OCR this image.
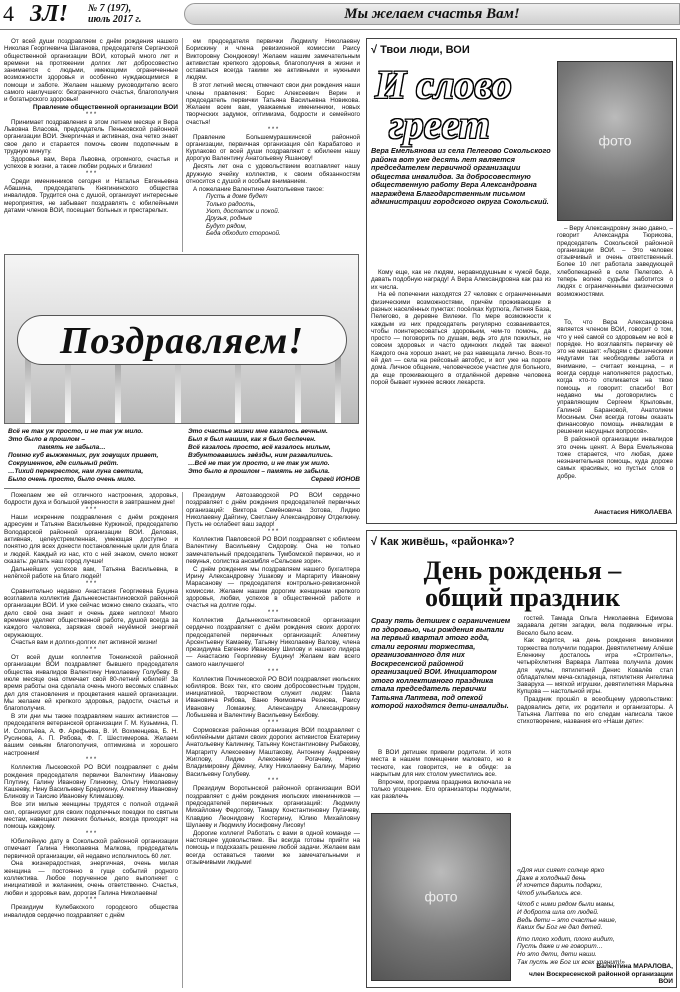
4 ЗЛ! № 7 (197),
июль 2017 г.	Мы желаем счастья Вам!

От всей души поздравляем с днём рождения нашего Николая Георгиевича Шаганова, председателя Сергачской общественной организации ВОИ, который много лет и времени на протяжении долгих лет добросовестно занимается с людьми, имеющими ограниченные возможности здоровья и особенно нуждающимися в помощи и заботе. Желаем нашему руководителю всего самого наилучшего: безграничного счастья, благополучия и богатырского здоровья!

Правление общественной организации ВОИ
* * *

Принимает поздравления в этом летнем месяце и Вера Львовна Власова, председатель Пеньковской районной организации ВОИ. Энергичная и активная, она четко знает свое дело и старается помочь своим подопечным в трудную минуту.

Здоровья вам, Вера Львовна, огромного, счастья и успехов в жизни, а также любви родных и близких!

* * *

Среди именинников сегодня и Наталья Евгеньевна Абашина, председатель Княгининского общества инвалидов. Трудится она с душой, организует интересные мероприятия, не забывает поздравлять с юбилейными датами членов ВОИ, посещает больных и престарелых.

ем председателя первички Людмилу Николаевну Борискину и члена ревизионной комиссии Раису Викторовну Сюндюкову! Желаем нашим замечательным активистам крепкого здоровья, благополучия в жизни и оставаться всегда такими же активными и нужными людям.

В этот летний месяц отмечают свои дни рождения наши члены правления: Борис Алексеевич Верин и председатель первички Татьяна Васильевна Новикова. Желаем всем вам, уважаемые именинники, новых творческих задумок, оптимизма, бодрости и семейного счастья!

* * *

Правление Большемурашкинской районной организации, первичная организация сёл Карабатово и Курлаково от всей души поздравляют с юбилеем нашу дорогую Валентину Анатольевну Яшанову!

Десять лет она с удовольствием возглавляет нашу дружную ячейку коллектив, к своим обязанностям относится с душой и особым вниманием.

А пожелание Валентине Анатольевне такое:

Пусть в доме будет
Только радость,
Уют, достаток и покой.
Друзья, родные
Будут рядом,
Беда обходит стороной.
Поздравляем!
Всё не так уж просто, и не так уж мило.
Это было в прошлом –
память не забыла…
Помню куб выжженных, рук зовущих привет,
Сокрушенное, где сильный рейт.
…Тихий перекресток, нам луна светила,
Было очень просто, было очень мило.
Это счастье жизни мне казалось вечным.
Был я был нашим, как я был беспечен.
Всё казалось просто, всё казалось милым,
Взбунтовавшись звёзды, ним развалились.
…Всё не так уж просто, и не так уж мило.
Это было в прошлом – память не забыла.
Сергей ИОНОВ

Пожелаем же ей отличного настроения, здоровья, бодрости духа и большой уверенности в завтрашнем дне!

* * *

Наши искренние поздравления с днём рождения адресуем и Татьяне Васильевне Куркиной, председателю Володарской районной организации ВОИ. Деловая, активная, целеустремленная, умеющая доступно и понятно для всех донести постановленные цели для блага и людей. Каждый из нас, кто с ней знаком, смело может сказать: делать наш город лучше!

Дальнейших успехов вам, Татьяна Васильевна, в нелёгкой работе на благо людей!

* * *

Сравнительно недавно Анастасия Георгиевна Буцина возглавила коллектив Дальнеконстантиновской районной организации ВОИ. И уже сейчас можно смело сказать, что дело своё она знает и очень даже неплохо! Много времени уделяет общественной работе, душой всегда за каждого человека, заряжая своей неуёмной энергией окружающих.

Счастья вам и долгих-долгих лет активной жизни!

* * *

От всей души коллектив Тонкинской районной организации ВОИ поздравляет бывшего председателя общества инвалидов Валентину Николаевну Голубеву. В июле месяце она отмечает свой 80-летний юбилей! За время работы она сделала очень много весомых славных дел для становления и процветания нашей организации. Мы желаем ей крепкого здоровья, радости, счастья и благополучия.

В эти дни мы также поздравляем наших активистов — председателя ветеранской организации Г. М. Кузьмина, П. И. Сопотьёва, А. Ф. Арефьева, В. И. Вохменцева, Б. Н. Русинова, А. П. Рябова, Ф. Г. Шестимерова. Желаем вашим семьям благополучия, оптимизма и хорошего настроения!

* * *

Коллектив Лысковской РО ВОИ поздравляет с днём рождения председателя первички Валентину Ивановну Плутину, Галину Ивановну Глинкину, Ольгу Николаевну Кашееву, Нину Васильевну Бредихину, Алевтину Ивановну Блинову и Таисию Ивановну Климашову.

Все эти милые женщины трудятся с полной отдачей сил, организуют для своих подопечных поездки по святым местам, навещают лежачих больных, всегда приходят на помощь каждому.

* * *

Юбилейную дату в Сокольской районной организации отмечает Галина Николаевна Малкова, председатель первичной организации, ей недавно исполнилось 60 лет.

Она жизнерадостная, энергичная, очень милая женщина — постоянно в гуще событий родного коллектива. Любое порученное дело выполняет с инициативой и желанием, очень ответственно. Счастья, любви и здоровья вам, дорогая Галина Николаевна!

* * *

Президиум Кулебакского городского общества инвалидов сердечно поздравляет с днём

Президиум Автозаводской РО ВОИ сердечно поздравляет с днём рождения председателей первичных организаций: Викторa Семёновича Зотова, Лидию Николаевну Дайгину, Светлану Александровну Отделкину. Пусть не ослабеет ваш задор!

* * *

Коллектив Павловской РО ВОИ поздравляет с юбилеем Валентину Васильевну Сидорову. Она не только замечательный председатель Тумбомской первички, но и певунья, солистка ансамбля «Сельские зори».

С днём рождения мы поздравляем нашего бухгалтера Ирину Александровну Ушакову и Маргариту Ивановну Марасанову — председателя контрольно-ревизионной комиссии. Желаем нашим дорогим женщинам крепкого здоровья, любви, успехов в общественной работе и счастья на долгие годы.

* * *

Коллектив Дальнеконстантиновской организации сердечно поздравляет с днём рождения своих дорогих председателей первичных организаций: Алевтину Арсентьевну Камаеву, Татьяну Николаевну Валову, члена президиума Евгению Ивановну Шилову и нашего лидера — Анастасию Георгиевну Буцину! Желаем вам всего самого наилучшего!

* * *

Коллектив Починковской РО ВОИ поздравляет июльских юбиляров. Всех тех, кто своим добросовестным трудом, инициативой, творчеством служит людям: Павла Ивановича Рябова, Ваню Якимовича Резнова, Раису Ивановну Ломакину, Аленсандру Александровну Лобышева и Валентину Васильевну Бехбову.

* * *

Сормовская районная организация ВОИ поздравляет с юбилейными датами своих дорогих активистов Екатерину Анатольевну Калинину, Татьяну Константиновну Рыбакову, Маргариту Алексеевну Маштакову, Антонину Андреевну Жиглову, Лидию Алексеевну Рогачеву, Нину Владимировну Дёмину, Алку Николаевну Балину, Марию Васильевну Голубеву.

* * *

Президиум Воротынской районной организации ВОИ поздравляет с днём рождения июльских именинников — председателей первичных организаций: Людмилу Михайловну Федотову, Тамару Константиновну Пугачеву, Клавдию Леонидовну Костерину, Юлию Михайловну Шулаеву и Людмилу Иосифовну Лисову!

Дорогие коллеги! Работать с вами в одной команде — настоящее удовольствие. Вы всегда готовы прийти на помощь и подсказать решение любой задачи. Желаем вам всегда оставаться такими же замечательными и отзывчивыми людьми!

√ Твои люди, ВОИ
И слово
греет	фото
Вера Емельянова из села Пелегово Сокольского района вот уже десять лет является председателем первичной организации общества инвалидов. За добросовестную общественную работу Вера Александровна награждена Благодарственным письмом администрации городского округа Сокольский.

– Веру Александровну знаю давно, – говорит Александра Тюрикова, председатель Сокольской районной организации ВОИ. – Это человек отзывчивый и очень ответственный. Более 10 лет работала заведующей хлебопекарней в селе Пелегово. А теперь волею судьбы заботится о людях с ограниченными физическими возможностями.

Кому еще, как не людям, неравнодушным к чужой беде, давать подобную награду! А Вера Александровна как раз из их числа.

На её попечении находятся 27 человек с ограниченными физическими возможностями, причём проживающие в разных населённых пунктах: посёлках Куртюга, Летняя База, Пелегово, в деревне Вилежи. По мере возможности к каждым из них председатель регулярно созванивается, чтобы поинтересоваться здоровьем, чем-то помочь, да просто — поговорить по душам, ведь это для пожилых, не совсем здоровых и часто одиноких людей так важно! Каждого она хорошо знает, не раз навещала лично. Всех-то ей дел — села на рейсовый автобус, и вот уже на пороге дома. Личное общение, человеческое участие для больного, да еще проживающего в отдалённой деревне человека порой бывает нужнее всяких лекарств.

То, что Вера Александровна является членом ВОИ, говорит о том, что у неё самой со здоровьем не всё в порядке. Но возглавлять первичку её это не мешает: «Людям с физическими недугами так необходимы забота и внимание, – считает женщина, – и всегда сердце наполняется радостью, когда кто-то откликается на твою помощь и говорит: спасибо! Вот недавно мы договорились с управляющим Сергеем Крыловым, Галиной Барановой, Анатолием Мосиным. Они всегда готовы оказать финансовую помощь инвалидам в решении насущных вопросов».

В районной организации инвалидов это очень ценят. А Вера Емельянова тоже старается, что любая, даже незначительная помощь, куда дороже самых красивых, но пустых слов о добре.

Анастасия НИКОЛАЕВА
√ Как живёшь, «районка»?
День рожденья –
общий праздник
Сразу пять детишек с ограничением по здоровью, чьи рождения выпали на первый квартал этого года, стали героями торжества, организованного для них Воскресенской районной организацией ВОИ. Инициатором этого коллективного праздника стала председатель первички Татьяна Лаптева, под опекой которой находятся дети-инвалиды.

В ВОИ детишек привели родители. И хотя места в нашем помещении маловато, но в тесноте, как говорится, не в обиде: за накрытым для них столом уместились все.

Впрочем, программа праздника включала не только угощение. Его организаторы подумали, как развлечь

фото

гостей. Тамада Ольга Николаевна Ефимова задавала детям загадки, вела подвижные игры. Весело было всем.

Как водится, на день рождения виновники торжества получили подарки. Девятилетнему Алёше Еленкину досталось игра «Строитель», четырёхлетняя Варвара Лаптева получила домик для куклы, пятилетний Денис Ковалёв стал обладателем меча-складенца, пятилетняя Ангелина Заваруха — мягкой игрушки, девятилетняя Марьяна Купцова — настольной игры.

Праздник прошёл в всеобщему удовольствию: радовались дети, их родители и организаторы. А Татьяна Лаптева по его следам написала такое стихотворение, названия его «Наши дети»:

«Для них сияет солнце ярко
Даже в холодный день
И хочется дарить подарки,
Чтоб улыбались все.
Чтоб с ними рядом были мамы,
И доброта шла от людей.
Ведь дети – это счастье наше,
Каких бы Бог не дал детей.
Кто плохо ходит, плохо видит,
Пусть даже и не говорит…
Но это дети, дети наши.
Так пусть же Бог их всех хранит!»
Валентина МАРАЛОВА,
член Воскресенской районной организации ВОИ
